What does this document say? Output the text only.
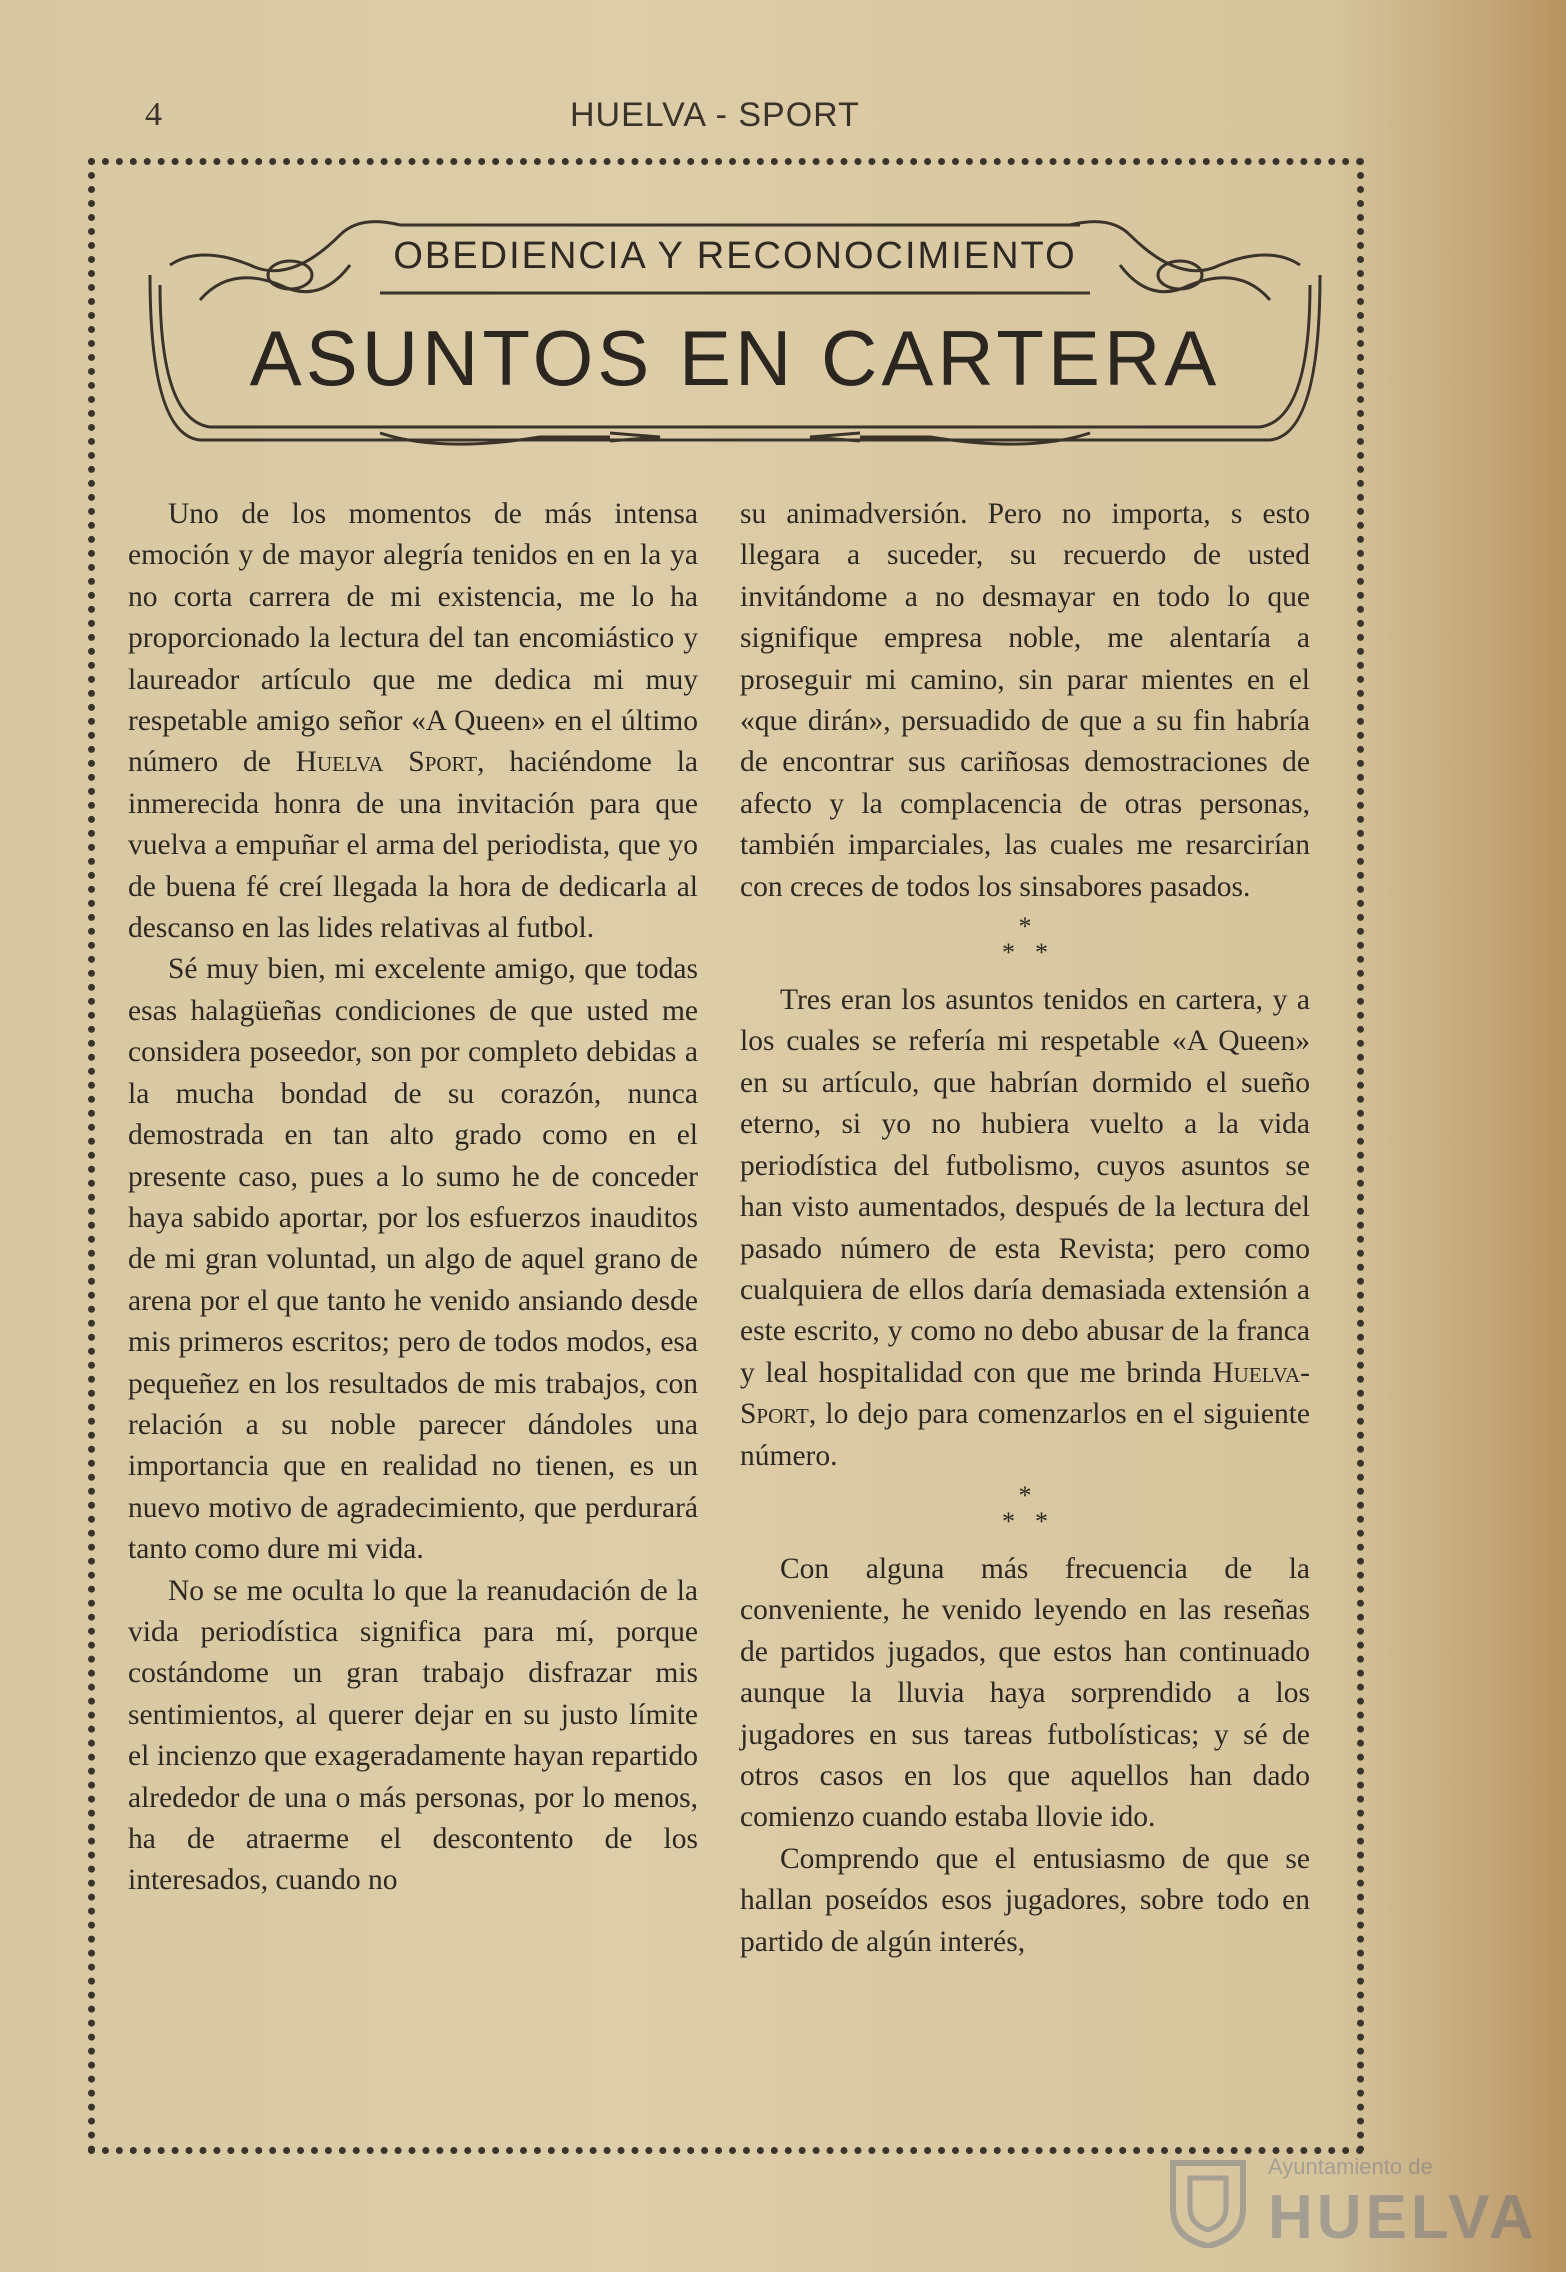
4	HUELVA - SPORT
OBEDIENCIA Y RECONOCIMIENTO
ASUNTOS EN CARTERA

Uno de los momentos de más intensa emoción y de mayor alegría tenidos en en la ya no corta carrera de mi existencia, me lo ha proporcionado la lectura del tan encomiástico y laureador artículo que me dedica mi muy respetable amigo señor «A Queen» en el último número de Huelva Sport, haciéndome la inmerecida honra de una invitación para que vuelva a empuñar el arma del periodista, que yo de buena fé creí llegada la hora de dedicarla al descanso en las lides relativas al futbol.

Sé muy bien, mi excelente amigo, que todas esas halagüeñas condiciones de que usted me considera poseedor, son por completo debidas a la mucha bondad de su corazón, nunca demostrada en tan alto grado como en el presente caso, pues a lo sumo he de conceder haya sabido aportar, por los esfuerzos inauditos de mi gran voluntad, un algo de aquel grano de arena por el que tanto he venido ansiando desde mis primeros escritos; pero de todos modos, esa pequeñez en los resultados de mis trabajos, con relación a su noble parecer dándoles una importancia que en realidad no tienen, es un nuevo motivo de agradecimiento, que perdurará tanto como dure mi vida.

No se me oculta lo que la reanudación de la vida periodística significa para mí, porque costándome un gran trabajo disfrazar mis sentimientos, al querer dejar en su justo límite el incienzo que exageradamente hayan repartido alrededor de una o más personas, por lo menos, ha de atraerme el descontento de los interesados, cuando no

su animadversión. Pero no importa, s esto llegara a suceder, su recuerdo de usted invitándome a no desmayar en todo lo que signifique empresa noble, me alentaría a proseguir mi camino, sin parar mientes en el «que dirán», persuadido de que a su fin habría de encontrar sus cariñosas demostraciones de afecto y la complacencia de otras personas, también imparciales, las cuales me resarcirían con creces de todos los sinsabores pasados.

*
**

Tres eran los asuntos tenidos en cartera, y a los cuales se refería mi respetable «A Queen» en su artículo, que habrían dormido el sueño eterno, si yo no hubiera vuelto a la vida periodística del futbolismo, cuyos asuntos se han visto aumentados, después de la lectura del pasado número de esta Revista; pero como cualquiera de ellos daría demasiada extensión a este escrito, y como no debo abusar de la franca y leal hospitalidad con que me brinda Huelva-Sport, lo dejo para comenzarlos en el siguiente número.

*
**

Con alguna más frecuencia de la conveniente, he venido leyendo en las reseñas de partidos jugados, que estos han continuado aunque la lluvia haya sorprendido a los jugadores en sus tareas futbolísticas; y sé de otros casos en los que aquellos han dado comienzo cuando estaba llovie ido.

Comprendo que el entusiasmo de que se hallan poseídos esos jugadores, sobre todo en partido de algún interés,

Ayuntamiento de
HUELVA
